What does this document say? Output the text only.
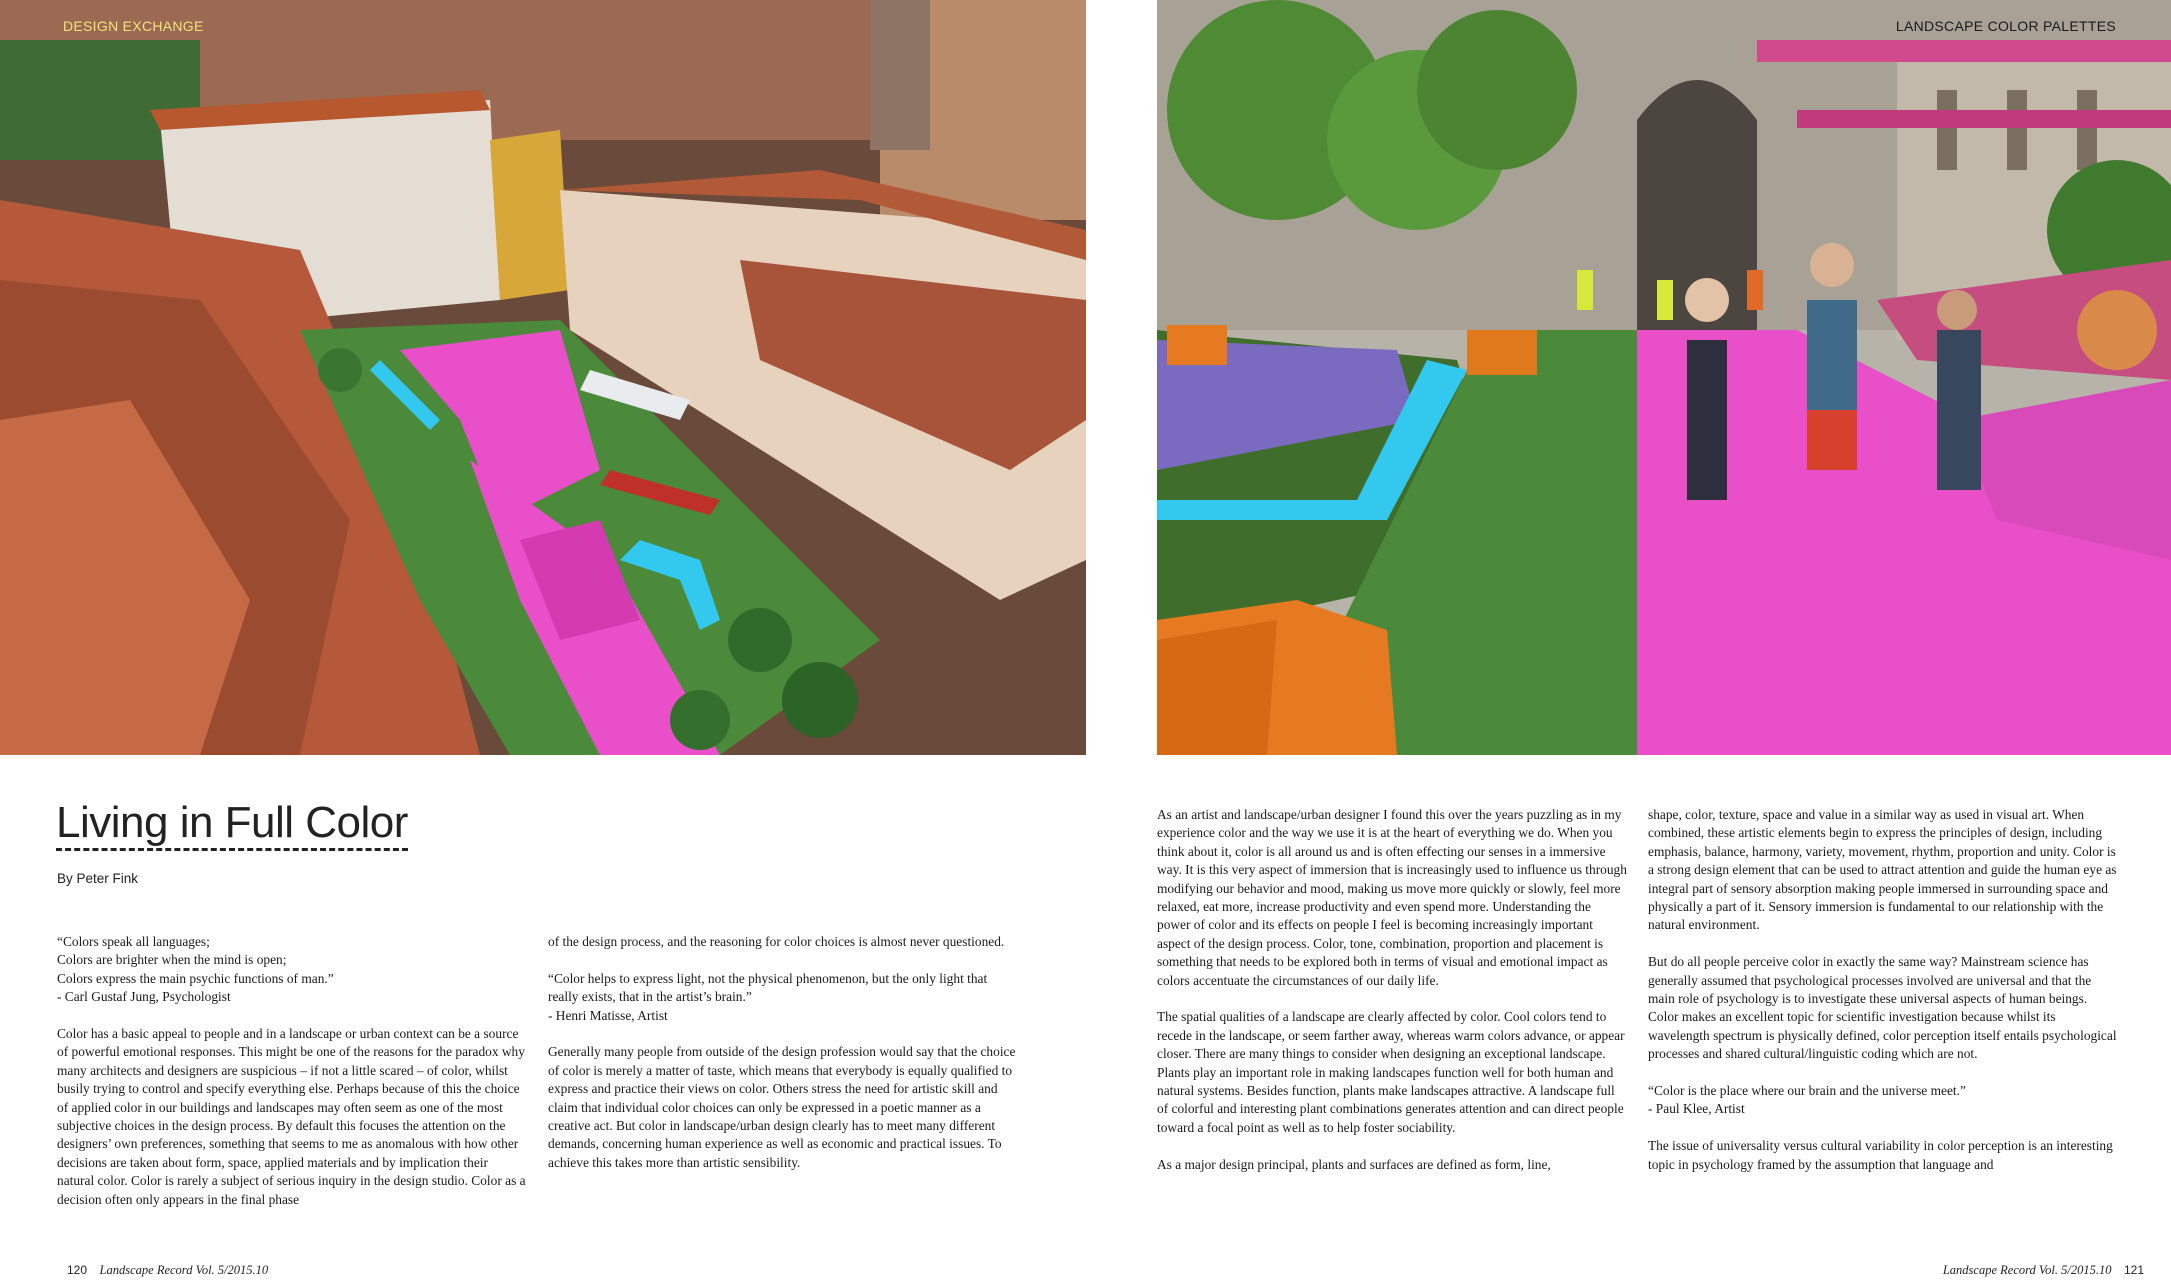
DESIGN EXCHANGE
Living in Full Color
By Peter Fink

“Colors speak all languages;
Colors are brighter when the mind is open;
Colors express the main psychic functions of man.”
- Carl Gustaf Jung, Psychologist

Color has a basic appeal to people and in a landscape or urban context can be a source of powerful emotional responses. This might be one of the reasons for the paradox why many architects and designers are suspicious – if not a little scared – of color, whilst busily trying to control and specify everything else. Perhaps because of this the choice of applied color in our buildings and landscapes may often seem as one of the most subjective choices in the design process. By default this focuses the attention on the designers’ own preferences, something that seems to me as anomalous with how other decisions are taken about form, space, applied materials and by implication their natural color. Color is rarely a subject of serious inquiry in the design studio. Color as a decision often only appears in the final phase

of the design process, and the reasoning for color choices is almost never questioned.

“Color helps to express light, not the physical phenomenon, but the only light that really exists, that in the artist’s brain.”
- Henri Matisse, Artist

Generally many people from outside of the design profession would say that the choice of color is merely a matter of taste, which means that everybody is equally qualified to express and practice their views on color. Others stress the need for artistic skill and claim that individual color choices can only be expressed in a poetic manner as a creative act. But color in landscape/urban design clearly has to meet many different demands, concerning human experience as well as economic and practical issues. To achieve this takes more than artistic sensibility.

120 Landscape Record Vol. 5/2015.10
LANDSCAPE COLOR PALETTES

As an artist and landscape/urban designer I found this over the years puzzling as in my experience color and the way we use it is at the heart of everything we do. When you think about it, color is all around us and is often effecting our senses in a immersive way. It is this very aspect of immersion that is increasingly used to influence us through modifying our behavior and mood, making us move more quickly or slowly, feel more relaxed, eat more, increase productivity and even spend more. Understanding the power of color and its effects on people I feel is becoming increasingly important aspect of the design process. Color, tone, combination, proportion and placement is something that needs to be explored both in terms of visual and emotional impact as colors accentuate the circumstances of our daily life.

The spatial qualities of a landscape are clearly affected by color. Cool colors tend to recede in the landscape, or seem farther away, whereas warm colors advance, or appear closer. There are many things to consider when designing an exceptional landscape. Plants play an important role in making landscapes function well for both human and natural systems. Besides function, plants make landscapes attractive. A landscape full of colorful and interesting plant combinations generates attention and can direct people toward a focal point as well as to help foster sociability.

As a major design principal, plants and surfaces are defined as form, line,

shape, color, texture, space and value in a similar way as used in visual art. When combined, these artistic elements begin to express the principles of design, including emphasis, balance, harmony, variety, movement, rhythm, proportion and unity. Color is a strong design element that can be used to attract attention and guide the human eye as integral part of sensory absorption making people immersed in surrounding space and physically a part of it. Sensory immersion is fundamental to our relationship with the natural environment.

But do all people perceive color in exactly the same way? Mainstream science has generally assumed that psychological processes involved are universal and that the main role of psychology is to investigate these universal aspects of human beings. Color makes an excellent topic for scientific investigation because whilst its wavelength spectrum is physically defined, color perception itself entails psychological processes and shared cultural/linguistic coding which are not.

“Color is the place where our brain and the universe meet.”
- Paul Klee, Artist

The issue of universality versus cultural variability in color perception is an interesting topic in psychology framed by the assumption that language and

Landscape Record Vol. 5/2015.10 121
